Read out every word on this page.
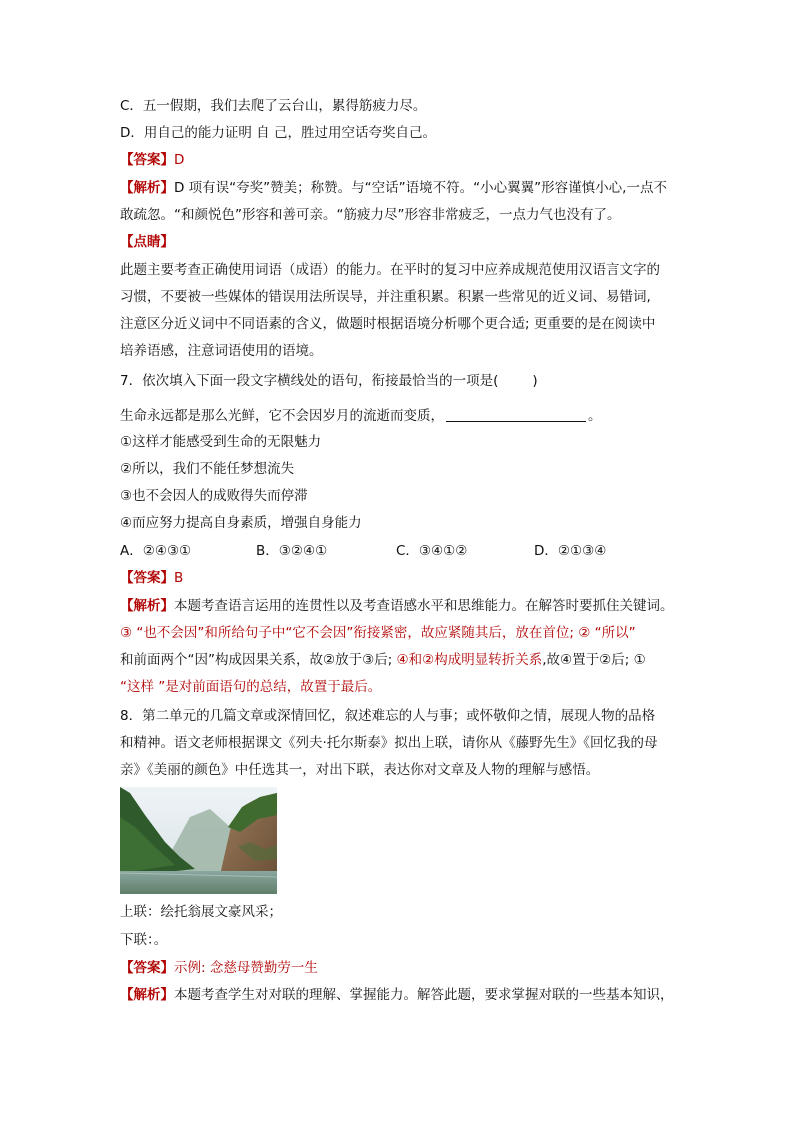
C．五一假期，我们去爬了云台山，累得筋疲力尽。
D．用自己的能力证明 自 己，胜过用空话夸奖自己。
【答案】D
【解析】D 项有误“夸奖”赞美；称赞。与“空话”语境不符。“小心翼翼”形容谨慎小心,一点不
敢疏忽。“和颜悦色”形容和善可亲。“筋疲力尽”形容非常疲乏，一点力气也没有了。
【点睛】
此题主要考查正确使用词语（成语）的能力。在平时的复习中应养成规范使用汉语言文字的
习惯，不要被一些媒体的错误用法所误导，并注重积累。积累一些常见的近义词、易错词,
注意区分近义词中不同语素的含义，做题时根据语境分析哪个更合适; 更重要的是在阅读中
培养语感，注意词语使用的语境。
7．依次填入下面一段文字横线处的语句，衔接最恰当的一项是(	)
生命永远都是那么光鲜，它不会因岁月的流逝而变质，	。
①这样才能感受到生命的无限魅力
②所以，我们不能任梦想流失
③也不会因人的成败得失而停滞
④而应努力提高自身素质，增强自身能力
A．②④③①	B．③②④①	C．③④①②	D．②①③④
【答案】B
【解析】本题考查语言运用的连贯性以及考查语感水平和思维能力。在解答时要抓住关键词。
③ “也不会因”和所给句子中“它不会因”衔接紧密，故应紧随其后，放在首位; ② “所以”
和前面两个“因”构成因果关系，故②放于③后; ④和②构成明显转折关系,故④置于②后; ①
“这样 ”是对前面语句的总结，故置于最后。
8．第二单元的几篇文章或深情回忆，叙述难忘的人与事；或怀敬仰之情，展现人物的品格
和精神。语文老师根据课文《列夫·托尔斯泰》拟出上联，请你从《藤野先生》《回忆我的母
亲》《美丽的颜色》中任选其一，对出下联，表达你对文章及人物的理解与感悟。
上联：绘托翁展文豪风采；
下联：。
【答案】示例: 念慈母赞勤劳一生
【解析】本题考查学生对对联的理解、掌握能力。解答此题，要求掌握对联的一些基本知识，
